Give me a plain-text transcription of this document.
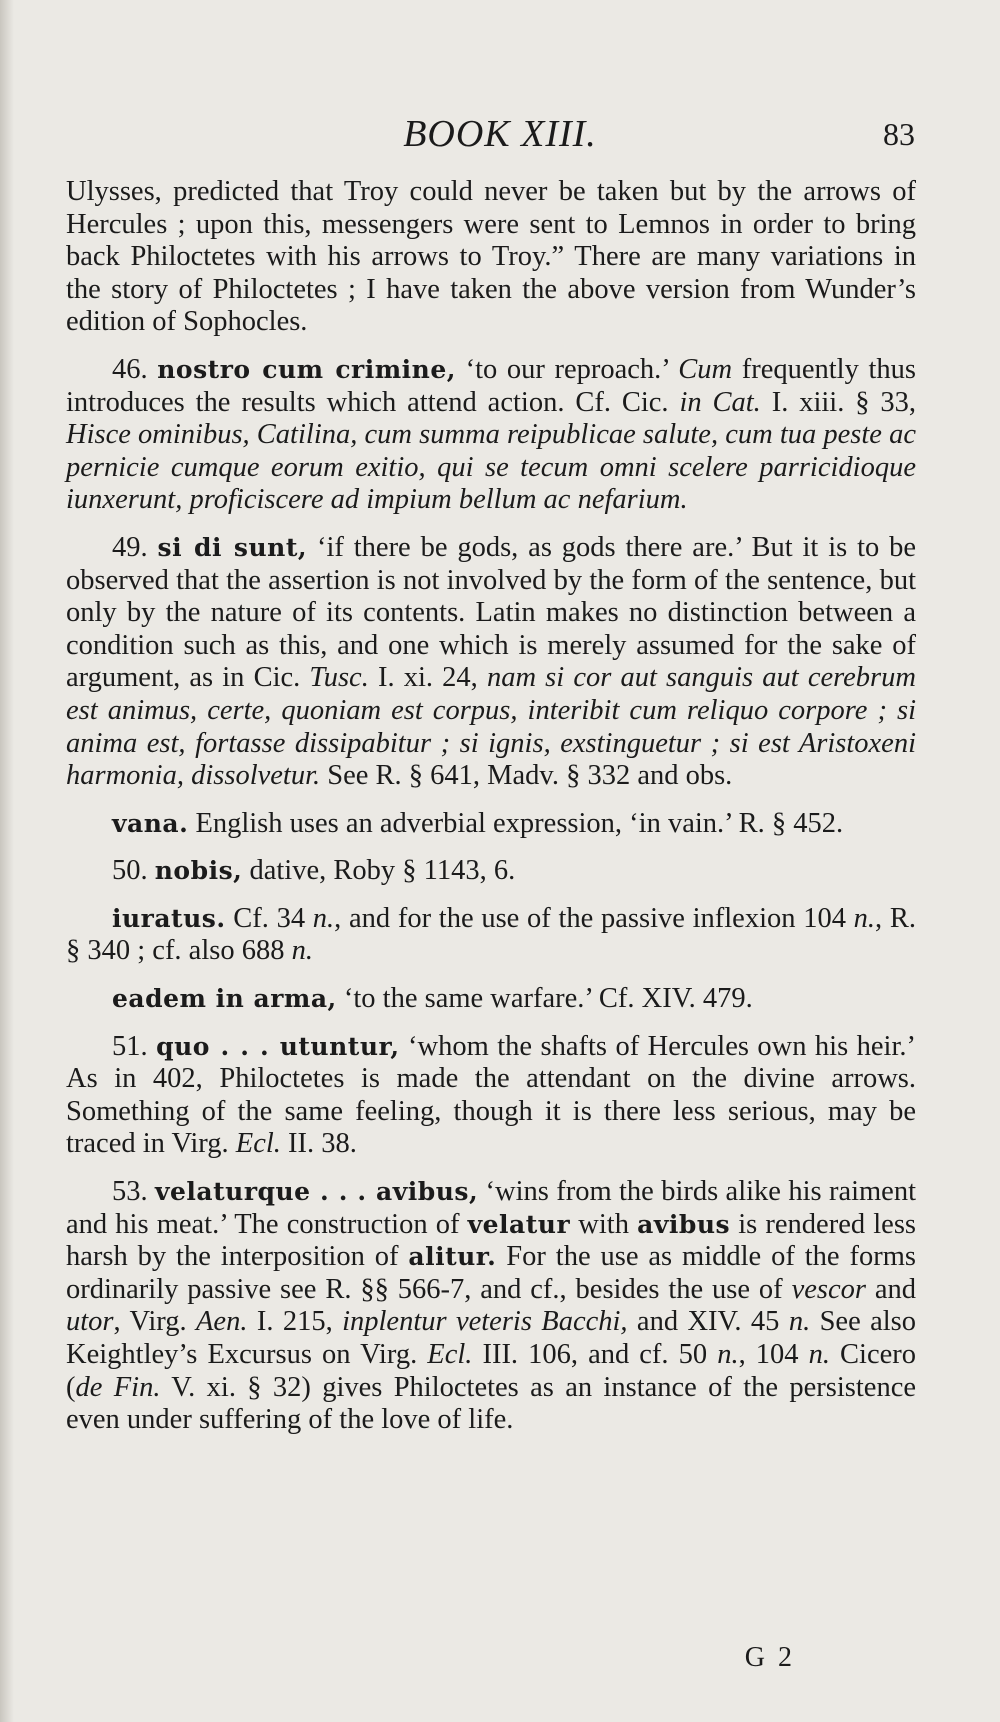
BOOK XIII.	83

Ulysses, predicted that Troy could never be taken but by the arrows of Hercules ; upon this, messengers were sent to Lemnos in order to bring back Philoctetes with his arrows to Troy.” There are many variations in the story of Philoctetes ; I have taken the above version from Wunder’s edition of Sophocles.

46. nostro cum crimine, ‘to our reproach.’ Cum frequently thus introduces the results which attend action. Cf. Cic. in Cat. I. xiii. § 33, Hisce ominibus, Catilina, cum summa reipublicae salute, cum tua peste ac pernicie cumque eorum exitio, qui se tecum omni scelere parricidioque iunxerunt, proficiscere ad impium bellum ac nefarium.

49. si di sunt, ‘if there be gods, as gods there are.’ But it is to be observed that the assertion is not involved by the form of the sentence, but only by the nature of its contents. Latin makes no distinction between a condition such as this, and one which is merely assumed for the sake of argument, as in Cic. Tusc. I. xi. 24, nam si cor aut sanguis aut cerebrum est animus, certe, quoniam est corpus, interibit cum reliquo corpore ; si anima est, fortasse dissipabitur ; si ignis, exstinguetur ; si est Aristoxeni harmonia, dissolvetur. See R. § 641, Madv. § 332 and obs.

vana. English uses an adverbial expression, ‘in vain.’ R. § 452.

50. nobis, dative, Roby § 1143, 6.

iuratus. Cf. 34 n., and for the use of the passive inflexion 104 n., R. § 340 ; cf. also 688 n.

eadem in arma, ‘to the same warfare.’ Cf. XIV. 479.

51. quo . . . utuntur, ‘whom the shafts of Hercules own his heir.’ As in 402, Philoctetes is made the attendant on the divine arrows. Something of the same feeling, though it is there less serious, may be traced in Virg. Ecl. II. 38.

53. velaturque . . . avibus, ‘wins from the birds alike his raiment and his meat.’ The construction of velatur with avibus is rendered less harsh by the interposition of alitur. For the use as middle of the forms ordinarily passive see R. §§ 566-7, and cf., besides the use of vescor and utor, Virg. Aen. I. 215, inplentur veteris Bacchi, and XIV. 45 n. See also Keightley’s Excursus on Virg. Ecl. III. 106, and cf. 50 n., 104 n. Cicero (de Fin. V. xi. § 32) gives Philoctetes as an instance of the persistence even under suffering of the love of life.

G 2
